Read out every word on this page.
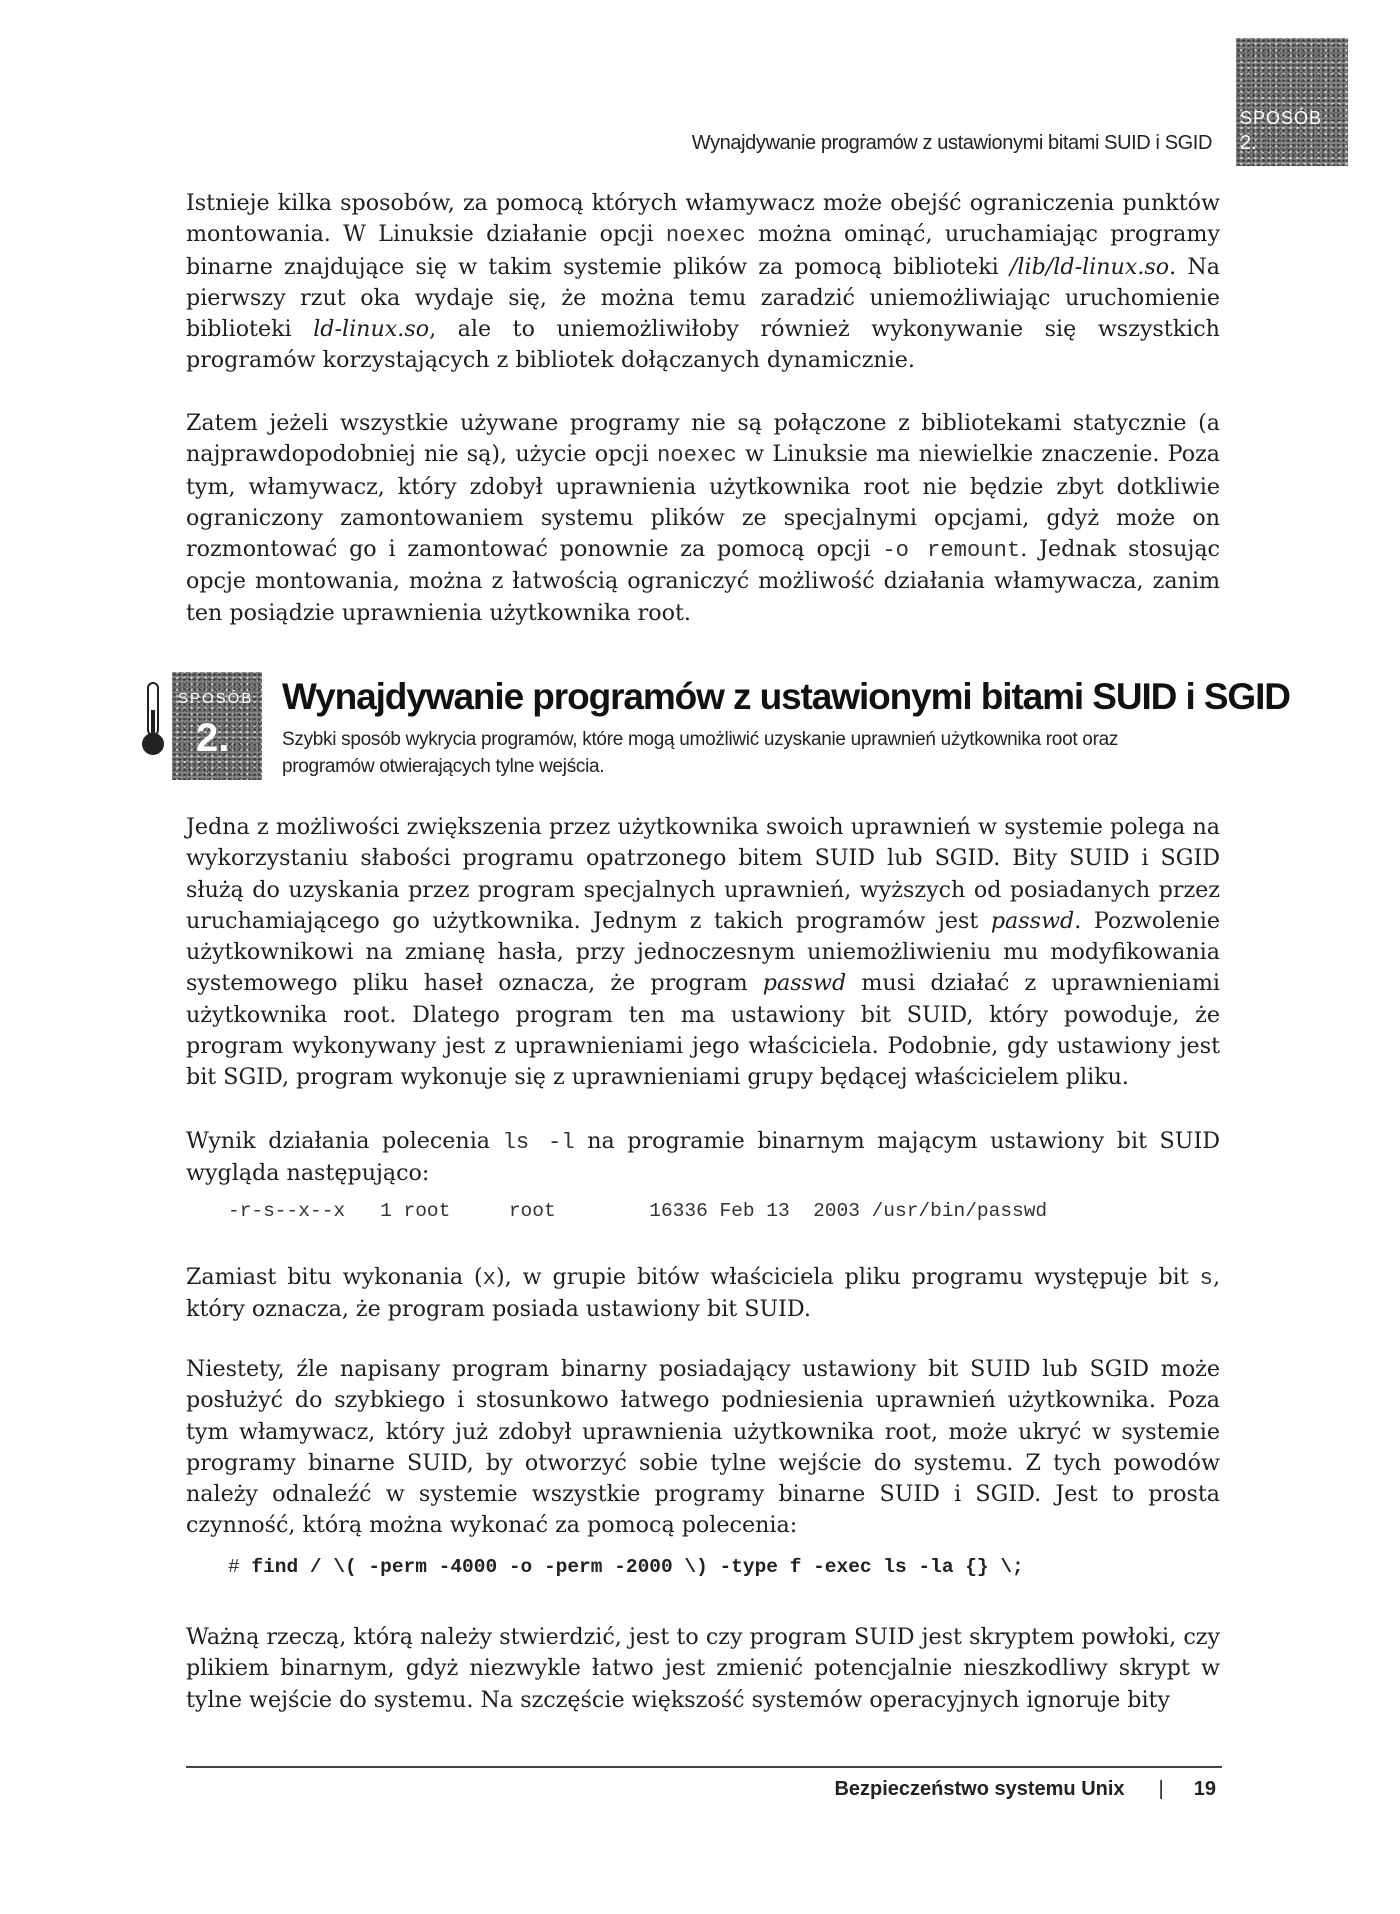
Wynajdywanie programów z ustawionymi bitami SUID i SGID
SPOSÓB
2.

Istnieje kilka sposobów, za pomocą których włamywacz może obejść ograniczenia punktów montowania. W Linuksie działanie opcji noexec można ominąć, uruchamiając programy binarne znajdujące się w takim systemie plików za pomocą biblioteki /lib/ld-linux.so. Na pierwszy rzut oka wydaje się, że można temu zaradzić uniemożliwiając uruchomienie biblioteki ld-linux.so, ale to uniemożliwiłoby również wykonywanie się wszystkich programów korzystających z bibliotek dołączanych dynamicznie.

Zatem jeżeli wszystkie używane programy nie są połączone z bibliotekami statycznie (a najprawdopodobniej nie są), użycie opcji noexec w Linuksie ma niewielkie znaczenie. Poza tym, włamywacz, który zdobył uprawnienia użytkownika root nie będzie zbyt dotkliwie ograniczony zamontowaniem systemu plików ze specjalnymi opcjami, gdyż może on rozmontować go i zamontować ponownie za pomocą opcji -o remount. Jednak stosując opcje montowania, można z łatwością ograniczyć możliwość działania włamywacza, zanim ten posiądzie uprawnienia użytkownika root.

SPOSÓB
2.
Wynajdywanie programów z ustawionymi bitami SUID i SGID

Szybki sposób wykrycia programów, które mogą umożliwić uzyskanie uprawnień użytkownika root oraz programów otwierających tylne wejścia.

Jedna z możliwości zwiększenia przez użytkownika swoich uprawnień w systemie polega na wykorzystaniu słabości programu opatrzonego bitem SUID lub SGID. Bity SUID i SGID służą do uzyskania przez program specjalnych uprawnień, wyższych od posiadanych przez uruchamiającego go użytkownika. Jednym z takich programów jest passwd. Pozwolenie użytkownikowi na zmianę hasła, przy jednoczesnym uniemożliwieniu mu modyfikowania systemowego pliku haseł oznacza, że program passwd musi działać z uprawnieniami użytkownika root. Dlatego program ten ma ustawiony bit SUID, który powoduje, że program wykonywany jest z uprawnieniami jego właściciela. Podobnie, gdy ustawiony jest bit SGID, program wykonuje się z uprawnieniami grupy będącej właścicielem pliku.

Wynik działania polecenia ls -l na programie binarnym mającym ustawiony bit SUID wygląda następująco:

-r-s--x--x   1 root     root        16336 Feb 13  2003 /usr/bin/passwd

Zamiast bitu wykonania (x), w grupie bitów właściciela pliku programu występuje bit s, który oznacza, że program posiada ustawiony bit SUID.

Niestety, źle napisany program binarny posiadający ustawiony bit SUID lub SGID może posłużyć do szybkiego i stosunkowo łatwego podniesienia uprawnień użytkownika. Poza tym włamywacz, który już zdobył uprawnienia użytkownika root, może ukryć w systemie programy binarne SUID, by otworzyć sobie tylne wejście do systemu. Z tych powodów należy odnaleźć w systemie wszystkie programy binarne SUID i SGID. Jest to prosta czynność, którą można wykonać za pomocą polecenia:

# find / \( -perm -4000 -o -perm -2000 \) -type f -exec ls -la {} \;

Ważną rzeczą, którą należy stwierdzić, jest to czy program SUID jest skryptem powłoki, czy plikiem binarnym, gdyż niezwykle łatwo jest zmienić potencjalnie nieszkodliwy skrypt w tylne wejście do systemu. Na szczęście większość systemów operacyjnych ignoruje bity

Bezpieczeństwo systemu Unix | 19
